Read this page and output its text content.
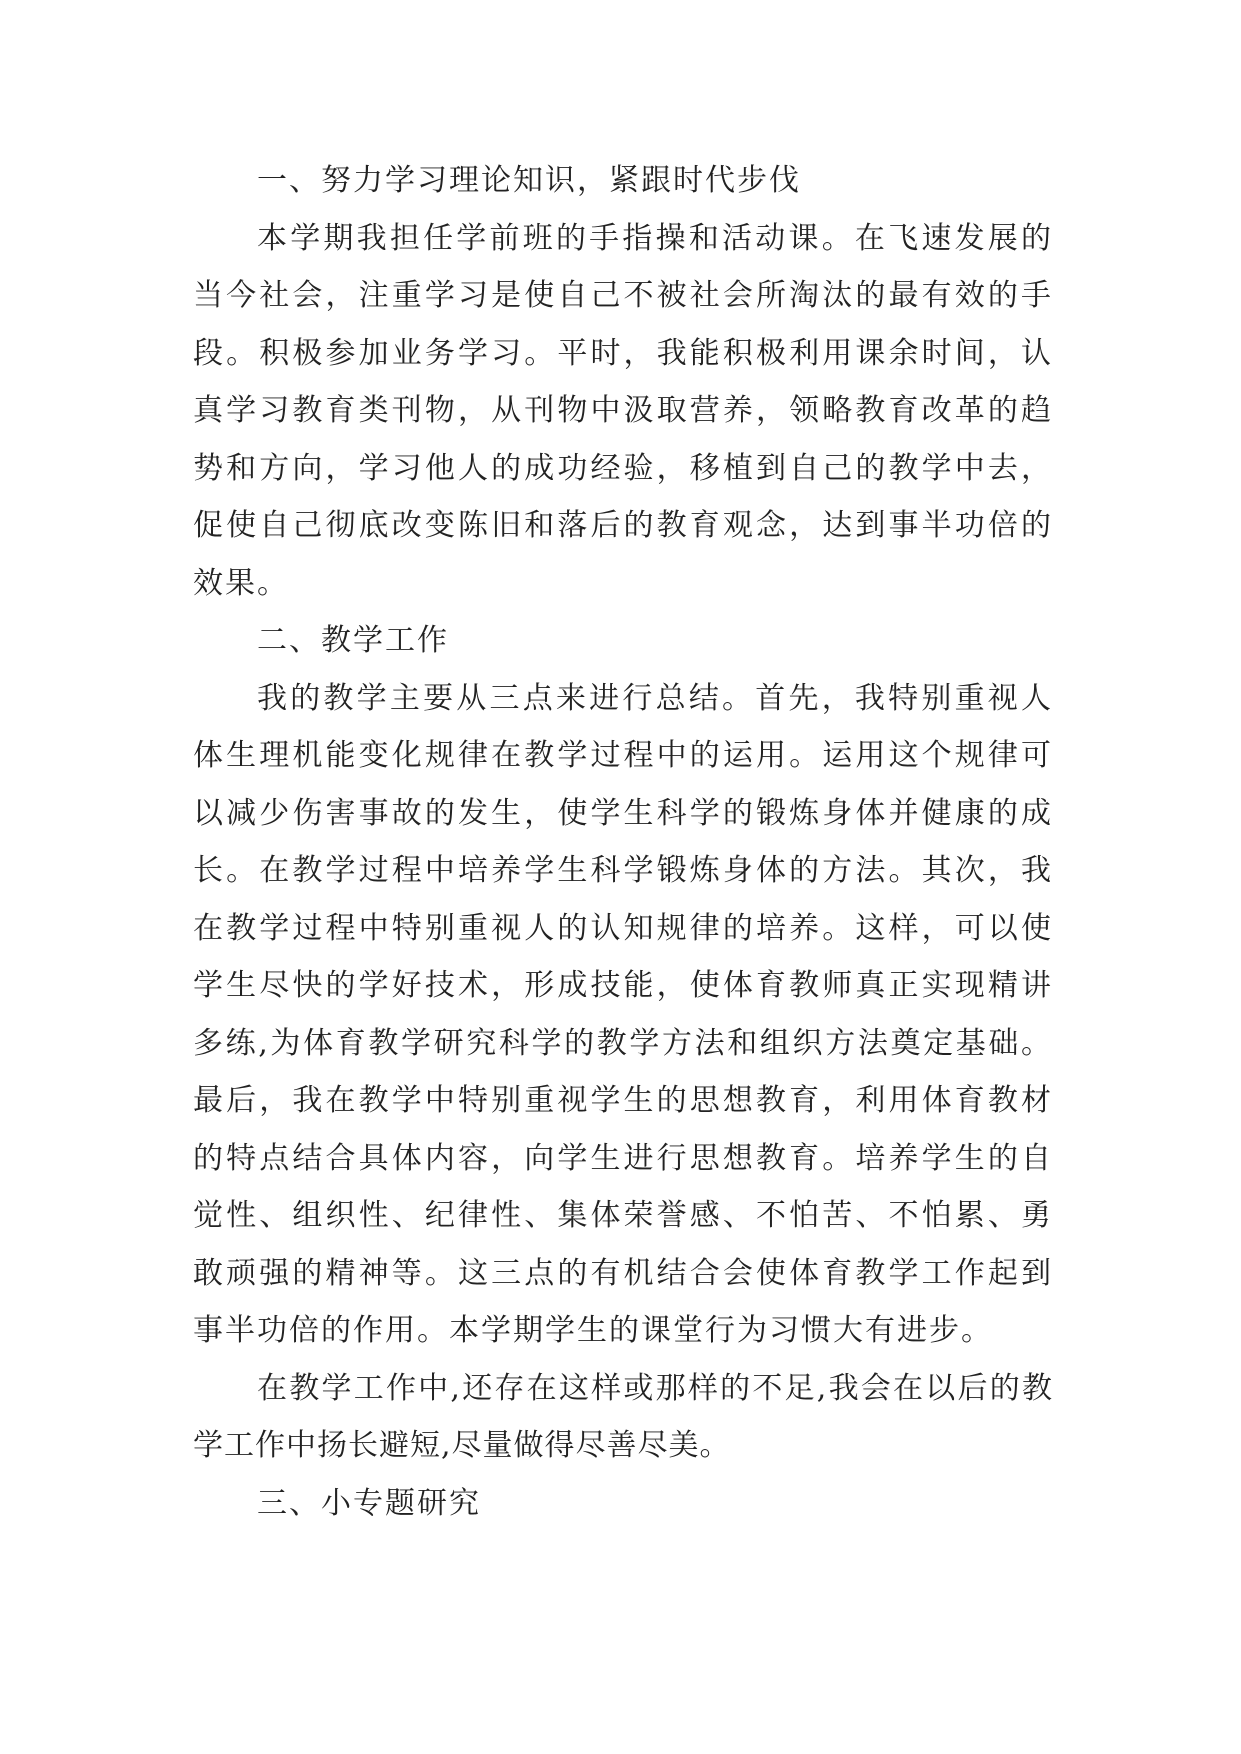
一、努力学习理论知识，紧跟时代步伐

本学期我担任学前班的手指操和活动课。在飞速发展的当今社会，注重学习是使自己不被社会所淘汰的最有效的手段。积极参加业务学习。平时，我能积极利用课余时间，认真学习教育类刊物，从刊物中汲取营养，领略教育改革的趋势和方向，学习他人的成功经验，移植到自己的教学中去，促使自己彻底改变陈旧和落后的教育观念，达到事半功倍的效果。

二、教学工作

我的教学主要从三点来进行总结。首先，我特别重视人体生理机能变化规律在教学过程中的运用。运用这个规律可以减少伤害事故的发生，使学生科学的锻炼身体并健康的成长。在教学过程中培养学生科学锻炼身体的方法。其次，我在教学过程中特别重视人的认知规律的培养。这样，可以使学生尽快的学好技术，形成技能，使体育教师真正实现精讲多练,为体育教学研究科学的教学方法和组织方法奠定基础。最后，我在教学中特别重视学生的思想教育，利用体育教材的特点结合具体内容，向学生进行思想教育。培养学生的自觉性、组织性、纪律性、集体荣誉感、不怕苦、不怕累、勇敢顽强的精神等。这三点的有机结合会使体育教学工作起到事半功倍的作用。本学期学生的课堂行为习惯大有进步。

在教学工作中,还存在这样或那样的不足,我会在以后的教学工作中扬长避短,尽量做得尽善尽美。

三、小专题研究
